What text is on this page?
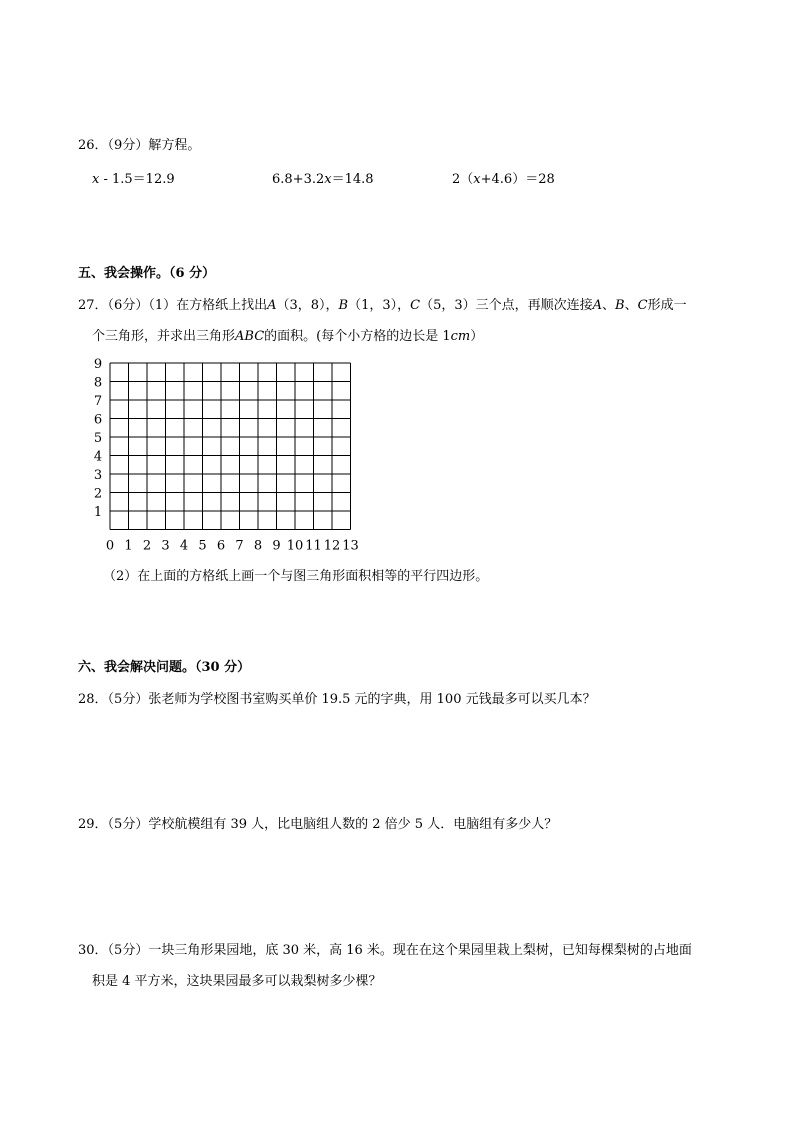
26．（9分）解方程。
x - 1.5＝12.9	6.8+3.2x＝14.8	2（x+4.6）＝28
五、我会操作。（6 分）
27．（6分）（1）在方格纸上找出A（3，8），B（1，3），C（5，3）三个点，再顺次连接A、B、C形成一
个三角形，并求出三角形ABC的面积。(每个小方格的边长是 1cm）
0 1 2 3 4 5 6 7 8 9 10 11 12 13
1
2
3
4
5
6
7
8
9
（2）在上面的方格纸上画一个与图三角形面积相等的平行四边形。
六、我会解决问题。（30 分）
28．（5分）张老师为学校图书室购买单价 19.5 元的字典，用 100 元钱最多可以买几本？
29．（5分）学校航模组有 39 人，比电脑组人数的 2 倍少 5 人．电脑组有多少人？
30．（5分）一块三角形果园地，底 30 米，高 16 米。现在在这个果园里栽上梨树，已知每棵梨树的占地面
积是 4 平方米，这块果园最多可以栽梨树多少棵？
